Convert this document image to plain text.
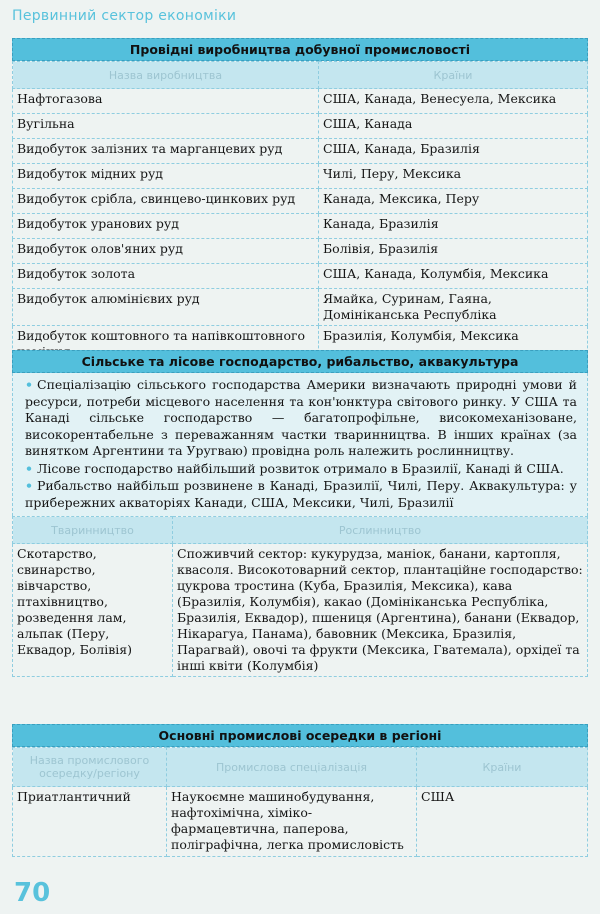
Первинний сектор економіки
Провідні виробництва добувної промисловості
Назва виробництва	Країни
Нафтогазова	США, Канада, Венесуела, Мексика
Вугільна	США, Канада
Видобуток залізних та марганцевих руд	США, Канада, Бразилія
Видобуток мідних руд	Чилі, Перу, Мексика
Видобуток срібла, свинцево-цинкових руд	Канада, Мексика, Перу
Видобуток уранових руд	Канада, Бразилія
Видобуток олов'яних руд	Болівія, Бразилія
Видобуток золота	США, Канада, Колумбія, Мексика
Видобуток алюмінієвих руд	Ямайка, Суринам, Гаяна, Домініканська Республіка
Видобуток коштовного та напівкоштовного	Бразилія, Колумбія, Мексика
Сільське та лісове господарство, рибальство, аквакультура

• Спеціалізацію сільського господарства Америки визначають природні умови й ресурси, потреби місцевого населення та кон'юнктура світового ринку. У США та Канаді сільське господарство — багатопрофільне, високомеханізоване, високорентабельне з переважанням частки тваринництва. В інших країнах (за винятком Аргентини та Уругваю) провідна роль належить рослинництву.

• Лісове господарство найбільший розвиток отримало в Бразилії, Канаді й США.

• Рибальство найбільш розвинене в Канаді, Бразилії, Чилі, Перу. Аквакультура: у прибережних акваторіях Канади, США, Мексики, Чилі, Бразилії

Тваринництво	Рослинництво
Скотарство, свинарство, вівчарство, птахівництво, розведення лам, альпак (Перу, Еквадор, Болівія)	Споживчий сектор: кукурудза, маніок, банани, картопля, квасоля. Високотоварний сектор, плантаційне господарство: цукрова тростина (Куба, Бразилія, Мексика), кава (Бразилія, Колумбія), какао (Домініканська Республіка, Бразилія, Еквадор), пшениця (Аргентина), банани (Еквадор, Нікарагуа, Панама), бавовник (Мексика, Бразилія, Парагвай), овочі та фрукти (Мексика, Гватемала), орхідеї та інші квіти (Колумбія)
Основні промислові осередки в регіоні
Назва промислового осередку/регіону	Промислова спеціалізація	Країни
Приатлантичний	Наукоємне машинобудування, нафтохімічна, хіміко-фармацевтична, паперова, поліграфічна, легка промисловість	США
70
